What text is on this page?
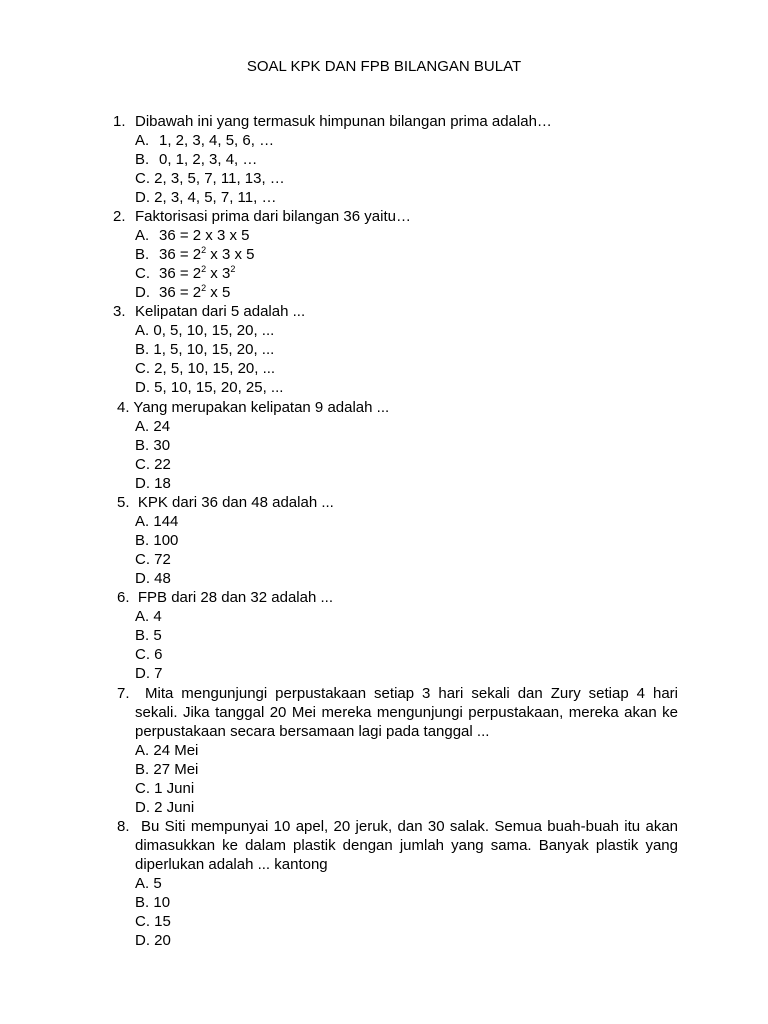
SOAL KPK DAN FPB BILANGAN BULAT
1. Dibawah ini yang termasuk himpunan bilangan prima adalah…
A. 1, 2, 3, 4, 5, 6, …
B. 0, 1, 2, 3, 4, …
C. 2, 3, 5, 7, 11, 13, …
D. 2, 3, 4, 5, 7, 11, …
2. Faktorisasi prima dari bilangan 36 yaitu…
A. 36 = 2 x 3 x 5
B. $36 = 2^2$ x 3 x 5
C. $36 = 2^2$ x $3^2$
D. $36 = 2^2$ x 5
3. Kelipatan dari 5 adalah ...
A. 0, 5, 10, 15, 20, ...
B. 1, 5, 10, 15, 20, ...
C. 2, 5, 10, 15, 20, ...
D. 5, 10, 15, 20, 25, ...
4. Yang merupakan kelipatan 9 adalah ...
A. 24
B. 30
C. 22
D. 18
5. KPK dari 36 dan 48 adalah ...
A. 144
B. 100
C. 72
D. 48
6. FPB dari 28 dan 32 adalah ...
A. 4
B. 5
C. 6
D. 7
7. Mita mengunjungi perpustakaan setiap 3 hari sekali dan Zury setiap 4 hari sekali. Jika tanggal 20 Mei mereka mengunjungi perpustakaan, mereka akan ke perpustakaan secara bersamaan lagi pada tanggal ...
A. 24 Mei
B. 27 Mei
C. 1 Juni
D. 2 Juni
8. Bu Siti mempunyai 10 apel, 20 jeruk, dan 30 salak. Semua buah-buah itu akan dimasukkan ke dalam plastik dengan jumlah yang sama. Banyak plastik yang diperlukan adalah ... kantong
A. 5
B. 10
C. 15
D. 20
